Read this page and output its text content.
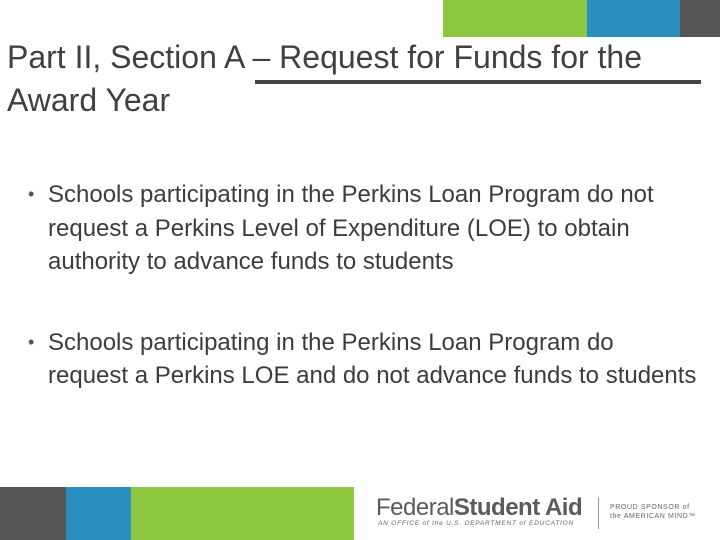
Part II, Section A – Request for Funds for the Award Year
• Schools participating in the Perkins Loan Program do not request a Perkins Level of Expenditure (LOE) to obtain authority to advance funds to students
• Schools participating in the Perkins Loan Program do request a Perkins LOE and do not advance funds to students
FederalStudent Aid
AN OFFICE of the U.S. DEPARTMENT of EDUCATION
PROUD SPONSOR of
the AMERICAN MIND™
